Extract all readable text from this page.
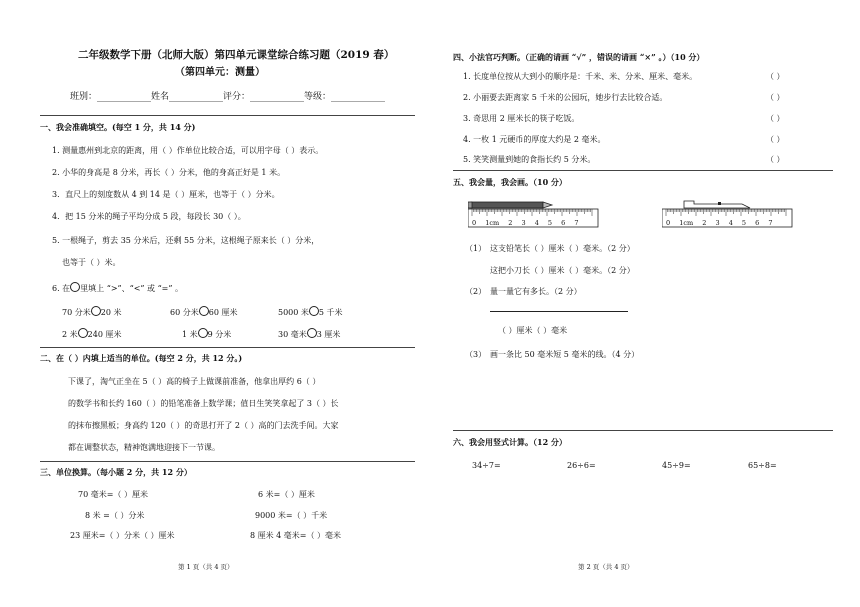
二年级数学下册（北师大版）第四单元课堂综合练习题（2019 春）
（第四单元：测量）
班别：____________姓名____________评分：____________等级：____________
一、我会准确填空。(每空 1 分，共 14 分)
1. 测量惠州到北京的距离，用（ ）作单位比较合适，可以用字母（ ）表示。
2. 小华的身高是 8 分米，再长（ ）分米，他的身高正好是 1 米。
3．直尺上的刻度数从 4 到 14 是（ ）厘米，也等于（ ）分米。
4．把 15 分米的绳子平均分成 5 段，每段长 30（ ）。
5. 一根绳子，剪去 35 分米后，还剩 55 分米，这根绳子原来长（ ）分米，
也等于（ ）米。
6. 在 里填上 “>”、“<” 或 “=” 。
70 分米 20 米	60 分米 60 厘米	5000 米 5 千米
2 米 240 厘米	1 米 9 分米	30 毫米 3 厘米
二、在（ ）内填上适当的单位。(每空 2 分，共 12 分。)
下课了，淘气正坐在 5（ ）高的椅子上做课前准备，他拿出厚约 6（ ）
的数学书和长约 160（ ）的铅笔准备上数学课；值日生笑笑拿起了 3（ ）长
的抹布擦黑板；身高约 120（ ）的奇思打开了 2（ ）高的门去洗手间。大家
都在调整状态，精神饱满地迎接下一节课。
三、单位换算。（每小题 2 分，共 12 分）
70 毫米=（ ）厘米	6 米=（ ）厘米
8 米 =（ ）分米	9000 米=（ ）千米
23 厘米=（ ）分米（ ）厘米	8 厘米 4 毫米=（ ）毫米
第 1 页（共 4 页）
四、小法官巧判断。（正确的请画 “√” ，错误的请画 “×” 。）（10 分）
1. 长度单位按从大到小的顺序是：千米、米、分米、厘米、毫米。	（ ）
2. 小丽要去距离家 5 千米的公园玩，她步行去比较合适。	（ ）
3. 奇思用 2 厘米长的筷子吃饭。	（ ）
4. 一枚 1 元硬币的厚度大约是 2 毫米。	（ ）
5. 笑笑测量到她的食指长约 5 分米。	（ ）
五、我会量，我会画。（10 分）
0 1cm 2 3 4 5 6 7	0 1cm 2 3 4 5 6 7
（1） 这支铅笔长（ ）厘米（ ）毫米。（2 分）
这把小刀长（ ）厘米（ ）毫米。（2 分）
（2） 量一量它有多长。（2 分）
（ ）厘米（ ）毫米
（3） 画一条比 50 毫米短 5 毫米的线。（4 分）
六、我会用竖式计算。（12 分）
34÷7=	26÷6=	45÷9=	65÷8=
第 2 页（共 4 页）
